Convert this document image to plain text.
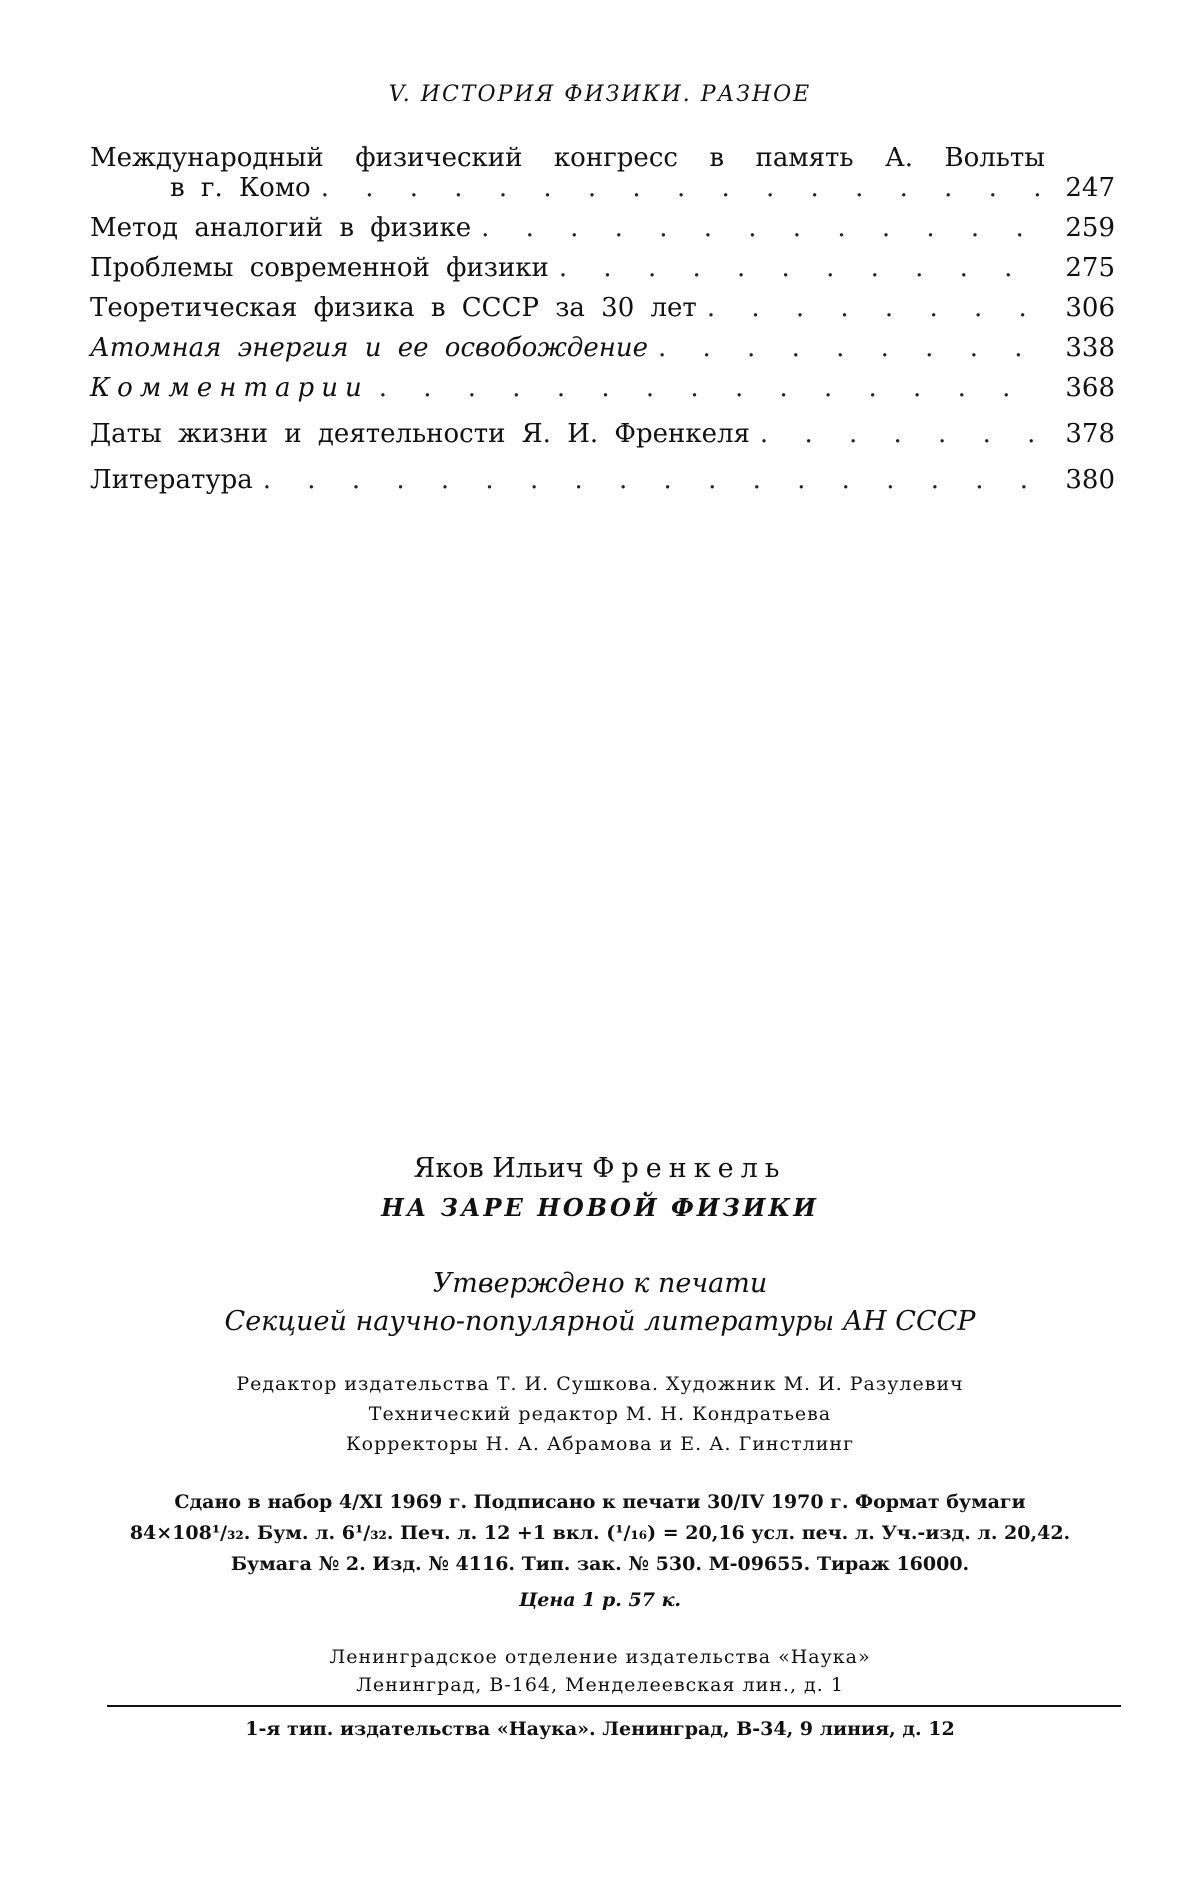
V. ИСТОРИЯ ФИЗИКИ. РАЗНОЕ
Международный физический конгресс в память А. Вольты
в г. Комо . . .	247
Метод аналогий в физике . . .	259
Проблемы современной физики . . .	275
Теоретическая физика в СССР за 30 лет . . .	306
Атомная энергия и ее освобождение . . .	338
Комментарии . . .	368
Даты жизни и деятельности Я. И. Френкеля . . .	378
Литература . . .	380
Яков Ильич Френкель
НА ЗАРЕ НОВОЙ ФИЗИКИ
Утверждено к печати
Секцией научно-популярной литературы АН СССР
Редактор издательства Т. И. Сушкова. Художник М. И. Разулевич
Технический редактор М. Н. Кондратьева
Корректоры Н. А. Абрамова и Е. А. Гинстлинг
Сдано в набор 4/XI 1969 г. Подписано к печати 30/IV 1970 г. Формат бумаги
84×108¹/₃₂. Бум. л. 6¹/₃₂. Печ. л. 12 +1 вкл. (¹/₁₆) = 20,16 усл. печ. л. Уч.-изд. л. 20,42.
Бумага № 2. Изд. № 4116. Тип. зак. № 530. М-09655. Тираж 16000.
Цена 1 р. 57 к.
Ленинградское отделение издательства «Наука»
Ленинград, В-164, Менделеевская лин., д. 1
1-я тип. издательства «Наука». Ленинград, В-34, 9 линия, д. 12
